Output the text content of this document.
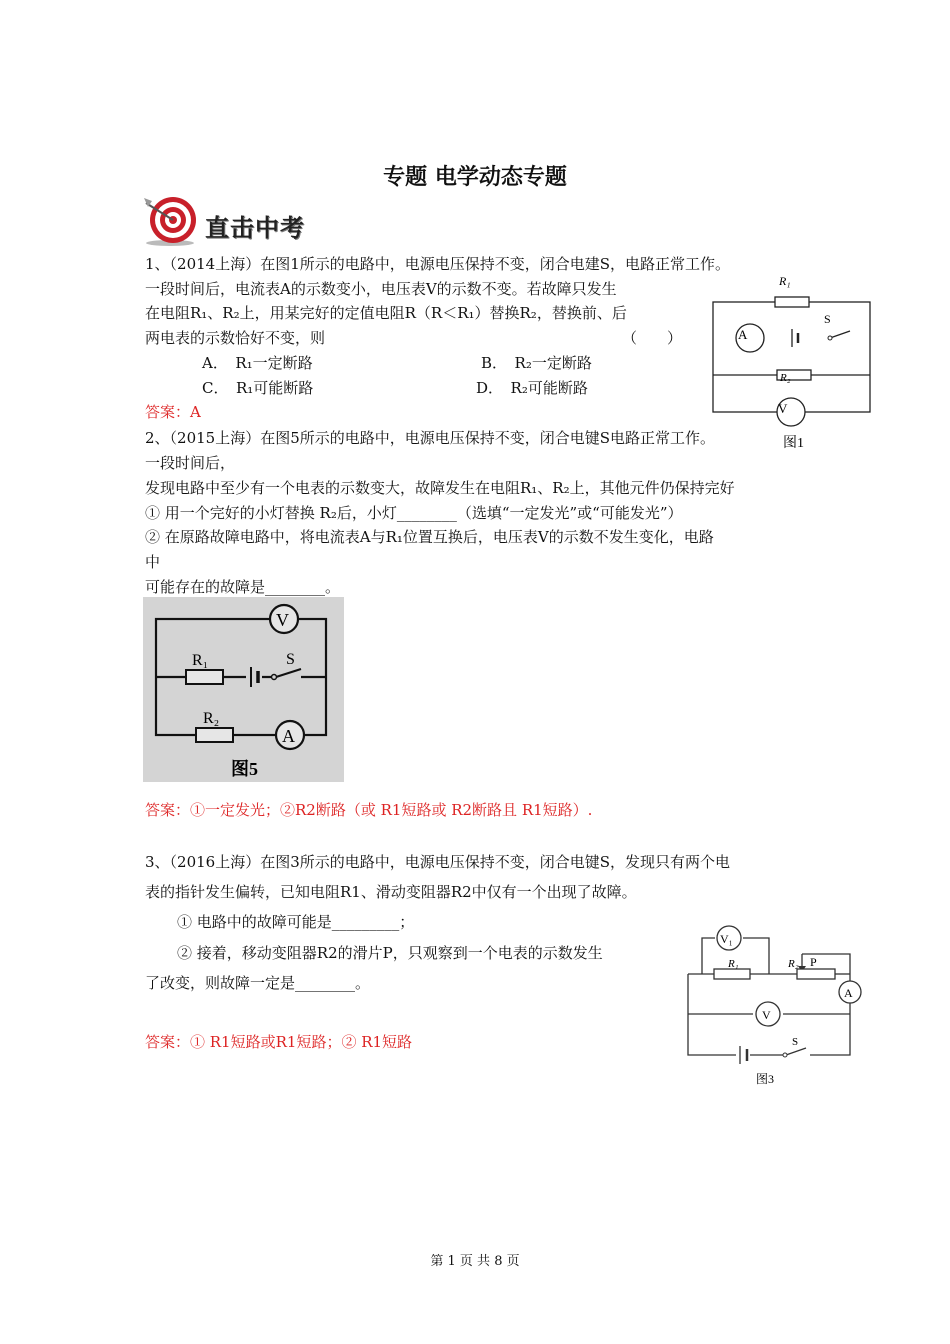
专题 电学动态专题
直击中考
1、（2014上海）在图1所示的电路中，电源电压保持不变，闭合电建S，电路正常工作。
一段时间后，电流表A的示数变小，电压表V的示数不变。若故障只发生
在电阻R₁、R₂上，用某完好的定值电阻R（R＜R₁）替换R₂，替换前、后
两电表的示数恰好不变，则	（　　）
A．　R₁一定断路	B．　R₂一定断路
C．　R₁可能断路	D．　R₂可能断路
答案：A
R₁
R₂
A
S
V
图1
2、（2015上海）在图5所示的电路中，电源电压保持不变，闭合电键S电路正常工作。
一段时间后，
发现电路中至少有一个电表的示数变大，故障发生在电阻R₁、R₂上，其他元件仍保持完好
① 用一个完好的小灯替换 R₂后，小灯________（选填“一定发光”或“可能发光”）
② 在原路故障电路中，将电流表A与R₁位置互换后，电压表V的示数不发生变化，电路
中
可能存在的故障是________。
V
R₁	S
R₂
A
图5
答案：①一定发光；②R2断路（或 R1短路或 R2断路且 R1短路）.
3、（2016上海）在图3所示的电路中，电源电压保持不变，闭合电键S，发现只有两个电
表的指针发生偏转，已知电阻R1、滑动变阻器R2中仅有一个出现了故障。
① 电路中的故障可能是_________；
② 接着，移动变阻器R2的滑片P，只观察到一个电表的示数发生
了改变，则故障一定是________。
答案：① R1短路或R1短路；② R1短路
V₁
R₁	R₂ P
A
V
S
图3
第 1 页 共 8 页
